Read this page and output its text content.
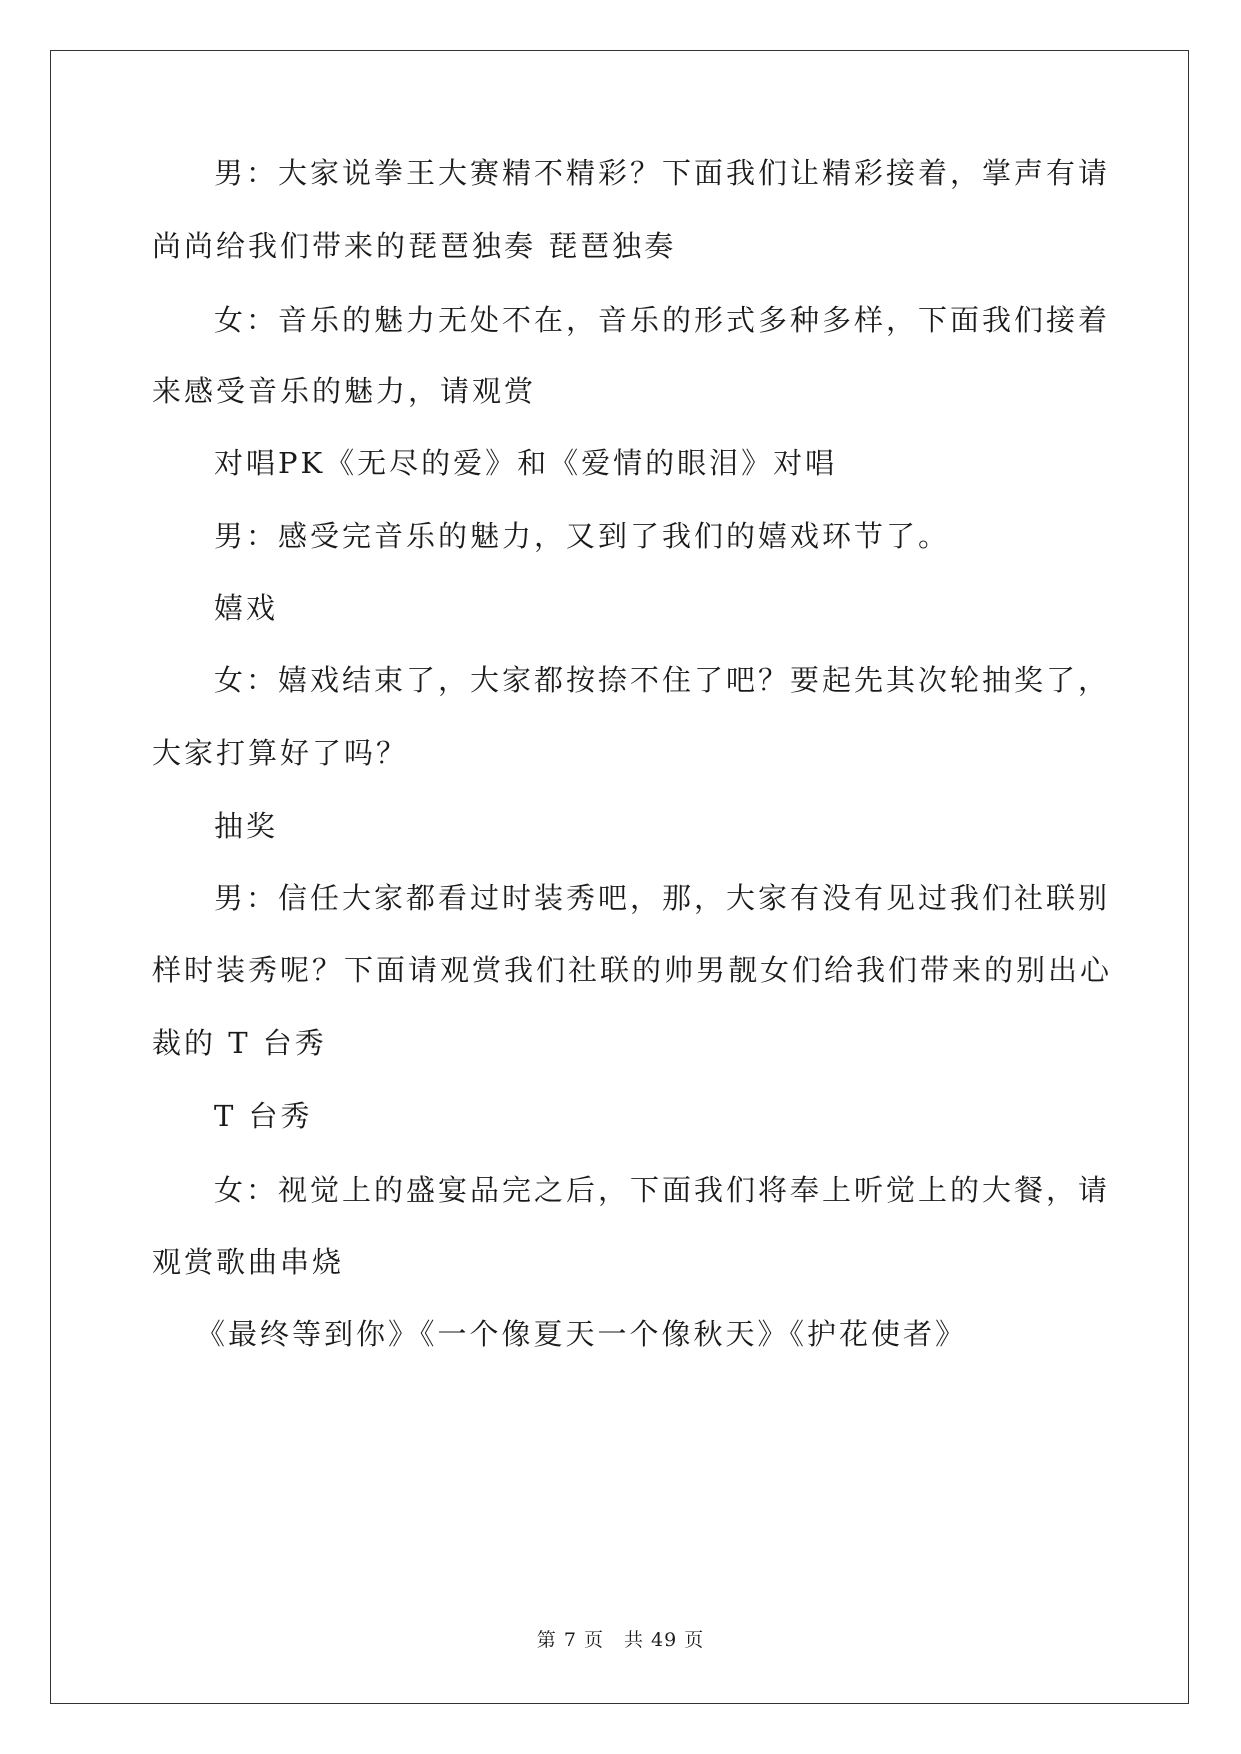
男：大家说拳王大赛精不精彩？下面我们让精彩接着，掌声有请
尚尚给我们带来的琵琶独奏 琵琶独奏
女：音乐的魅力无处不在，音乐的形式多种多样，下面我们接着
来感受音乐的魅力，请观赏
对唱PK《无尽的爱》和《爱情的眼泪》对唱
男：感受完音乐的魅力，又到了我们的嬉戏环节了。
嬉戏
女：嬉戏结束了，大家都按捺不住了吧？要起先其次轮抽奖了，
大家打算好了吗？
抽奖
男：信任大家都看过时装秀吧，那，大家有没有见过我们社联别
样时装秀呢？下面请观赏我们社联的帅男靓女们给我们带来的别出心
裁的 T 台秀
T 台秀
女：视觉上的盛宴品完之后，下面我们将奉上听觉上的大餐，请
观赏歌曲串烧
《最终等到你》《一个像夏天一个像秋天》《护花使者》
第 7 页　共 49 页
